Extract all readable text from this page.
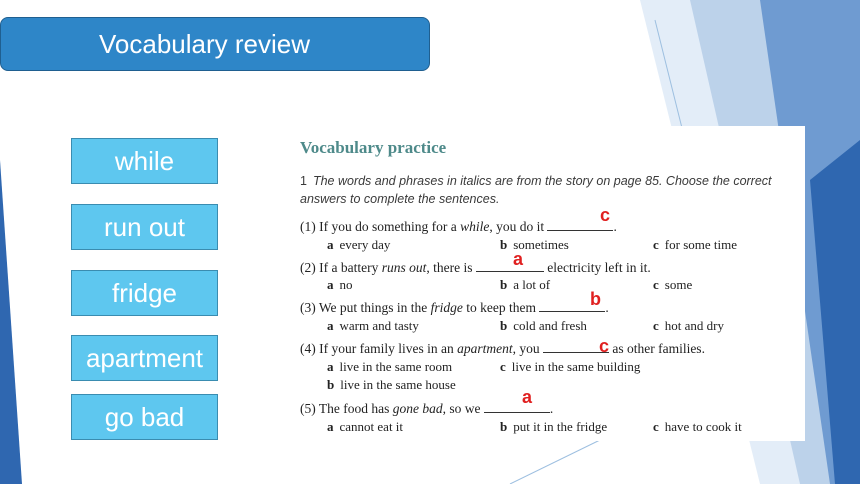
Vocabulary review
while
run out
fridge
apartment
go bad
Vocabulary practice
1 The words and phrases in italics are from the story on page 85. Choose the correct answers to complete the sentences.
(1) If you do something for a while, you do it	.
c
a every day	b sometimes	c for some time
(2) If a battery runs out, there is	electricity left in it.
a
a no	b a lot of	c some
(3) We put things in the fridge to keep them	.
b
a warm and tasty	b cold and fresh	c hot and dry
(4) If your family lives in an apartment, you	as other families.
c
a live in the same room	c live in the same building
b live in the same house
(5) The food has gone bad, so we	.
a
a cannot eat it	b put it in the fridge	c have to cook it
